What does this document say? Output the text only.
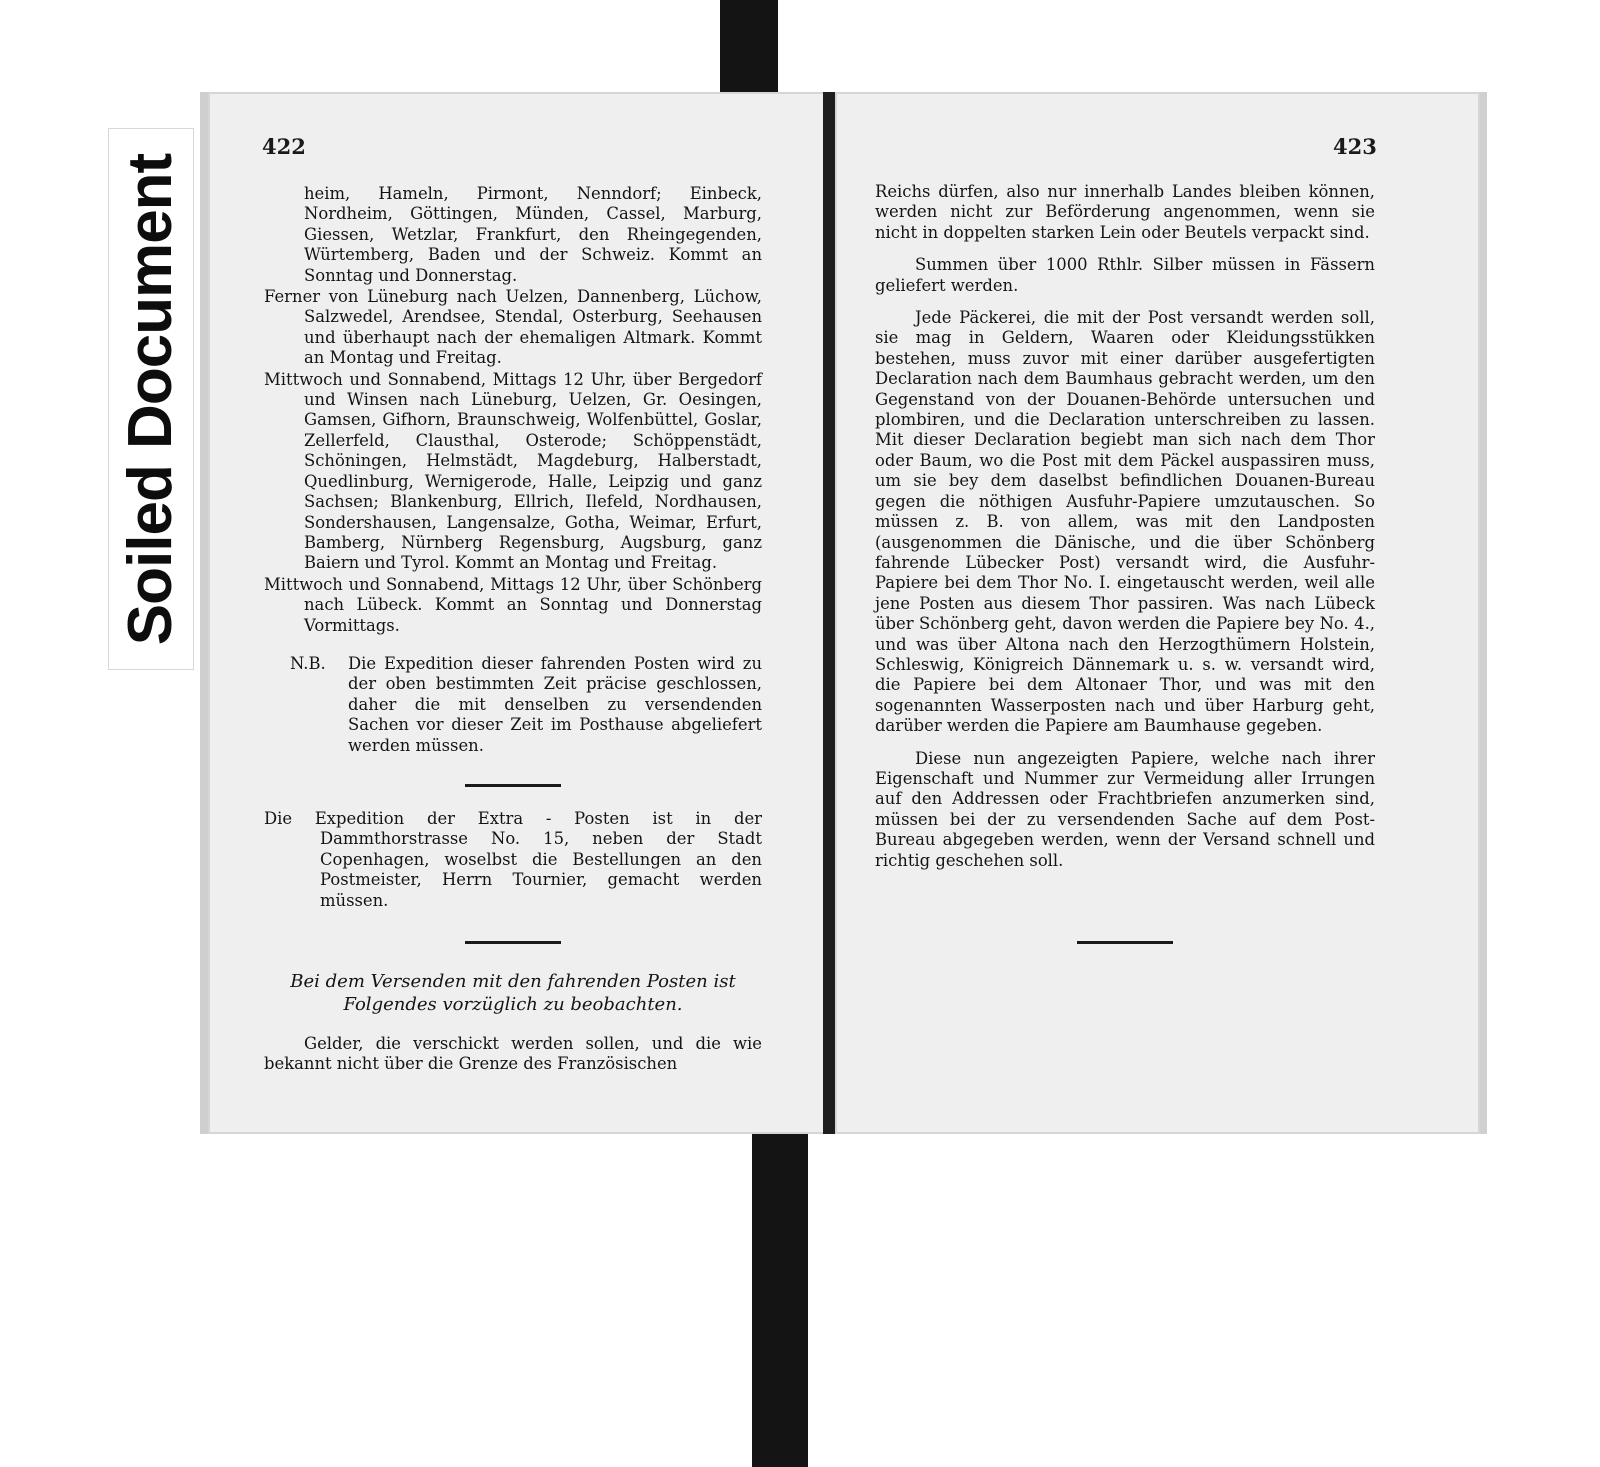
Soiled Document
422

heim, Hameln, Pirmont, Nenndorf; Einbeck, Nordheim, Göttingen, Münden, Cassel, Marburg, Giessen, Wetzlar, Frankfurt, den Rheingegenden, Würtemberg, Baden und der Schweiz. Kommt an Sonntag und Donnerstag.

Ferner von Lüneburg nach Uelzen, Dannenberg, Lüchow, Salzwedel, Arendsee, Stendal, Osterburg, Seehausen und überhaupt nach der ehemaligen Altmark. Kommt an Montag und Freitag.

Mittwoch und Sonnabend, Mittags 12 Uhr, über Bergedorf und Winsen nach Lüneburg, Uelzen, Gr. Oesingen, Gamsen, Gifhorn, Braunschweig, Wolfenbüttel, Goslar, Zellerfeld, Clausthal, Osterode; Schöppenstädt, Schöningen, Helmstädt, Magdeburg, Halberstadt, Quedlinburg, Wernigerode, Halle, Leipzig und ganz Sachsen; Blankenburg, Ellrich, Ilefeld, Nordhausen, Sondershausen, Langensalze, Gotha, Weimar, Erfurt, Bamberg, Nürnberg Regensburg, Augsburg, ganz Baiern und Tyrol. Kommt an Montag und Freitag.

Mittwoch und Sonnabend, Mittags 12 Uhr, über Schönberg nach Lübeck. Kommt an Sonntag und Donnerstag Vormittags.

N.B.	Die Expedition dieser fahrenden Posten wird zu der oben bestimmten Zeit präcise geschlossen, daher die mit denselben zu versendenden Sachen vor dieser Zeit im Posthause abgeliefert werden müssen.

Die Expedition der Extra - Posten ist in der Dammthorstrasse No. 15, neben der Stadt Copenhagen, woselbst die Bestellungen an den Postmeister, Herrn Tournier, gemacht werden müssen.

Bei dem Versenden mit den fahrenden Posten ist Folgendes vorzüglich zu beobachten.

Gelder, die verschickt werden sollen, und die wie bekannt nicht über die Grenze des Französischen

423

Reichs dürfen, also nur innerhalb Landes bleiben können, werden nicht zur Beförderung angenommen, wenn sie nicht in doppelten starken Lein oder Beutels verpackt sind.

Summen über 1000 Rthlr. Silber müssen in Fässern geliefert werden.

Jede Päckerei, die mit der Post versandt werden soll, sie mag in Geldern, Waaren oder Kleidungsstükken bestehen, muss zuvor mit einer darüber ausgefertigten Declaration nach dem Baumhaus gebracht werden, um den Gegenstand von der Douanen-Behörde untersuchen und plombiren, und die Declaration unterschreiben zu lassen. Mit dieser Declaration begiebt man sich nach dem Thor oder Baum, wo die Post mit dem Päckel auspassiren muss, um sie bey dem daselbst befindlichen Douanen-Bureau gegen die nöthigen Ausfuhr-Papiere umzutauschen. So müssen z. B. von allem, was mit den Landposten (ausgenommen die Dänische, und die über Schönberg fahrende Lübecker Post) versandt wird, die Ausfuhr-Papiere bei dem Thor No. I. eingetauscht werden, weil alle jene Posten aus diesem Thor passiren. Was nach Lübeck über Schönberg geht, davon werden die Papiere bey No. 4., und was über Altona nach den Herzogthümern Holstein, Schleswig, Königreich Dännemark u. s. w. versandt wird, die Papiere bei dem Altonaer Thor, und was mit den sogenannten Wasserposten nach und über Harburg geht, darüber werden die Papiere am Baumhause gegeben.

Diese nun angezeigten Papiere, welche nach ihrer Eigenschaft und Nummer zur Vermeidung aller Irrungen auf den Addressen oder Frachtbriefen anzumerken sind, müssen bei der zu versendenden Sache auf dem Post-Bureau abgegeben werden, wenn der Versand schnell und richtig geschehen soll.
